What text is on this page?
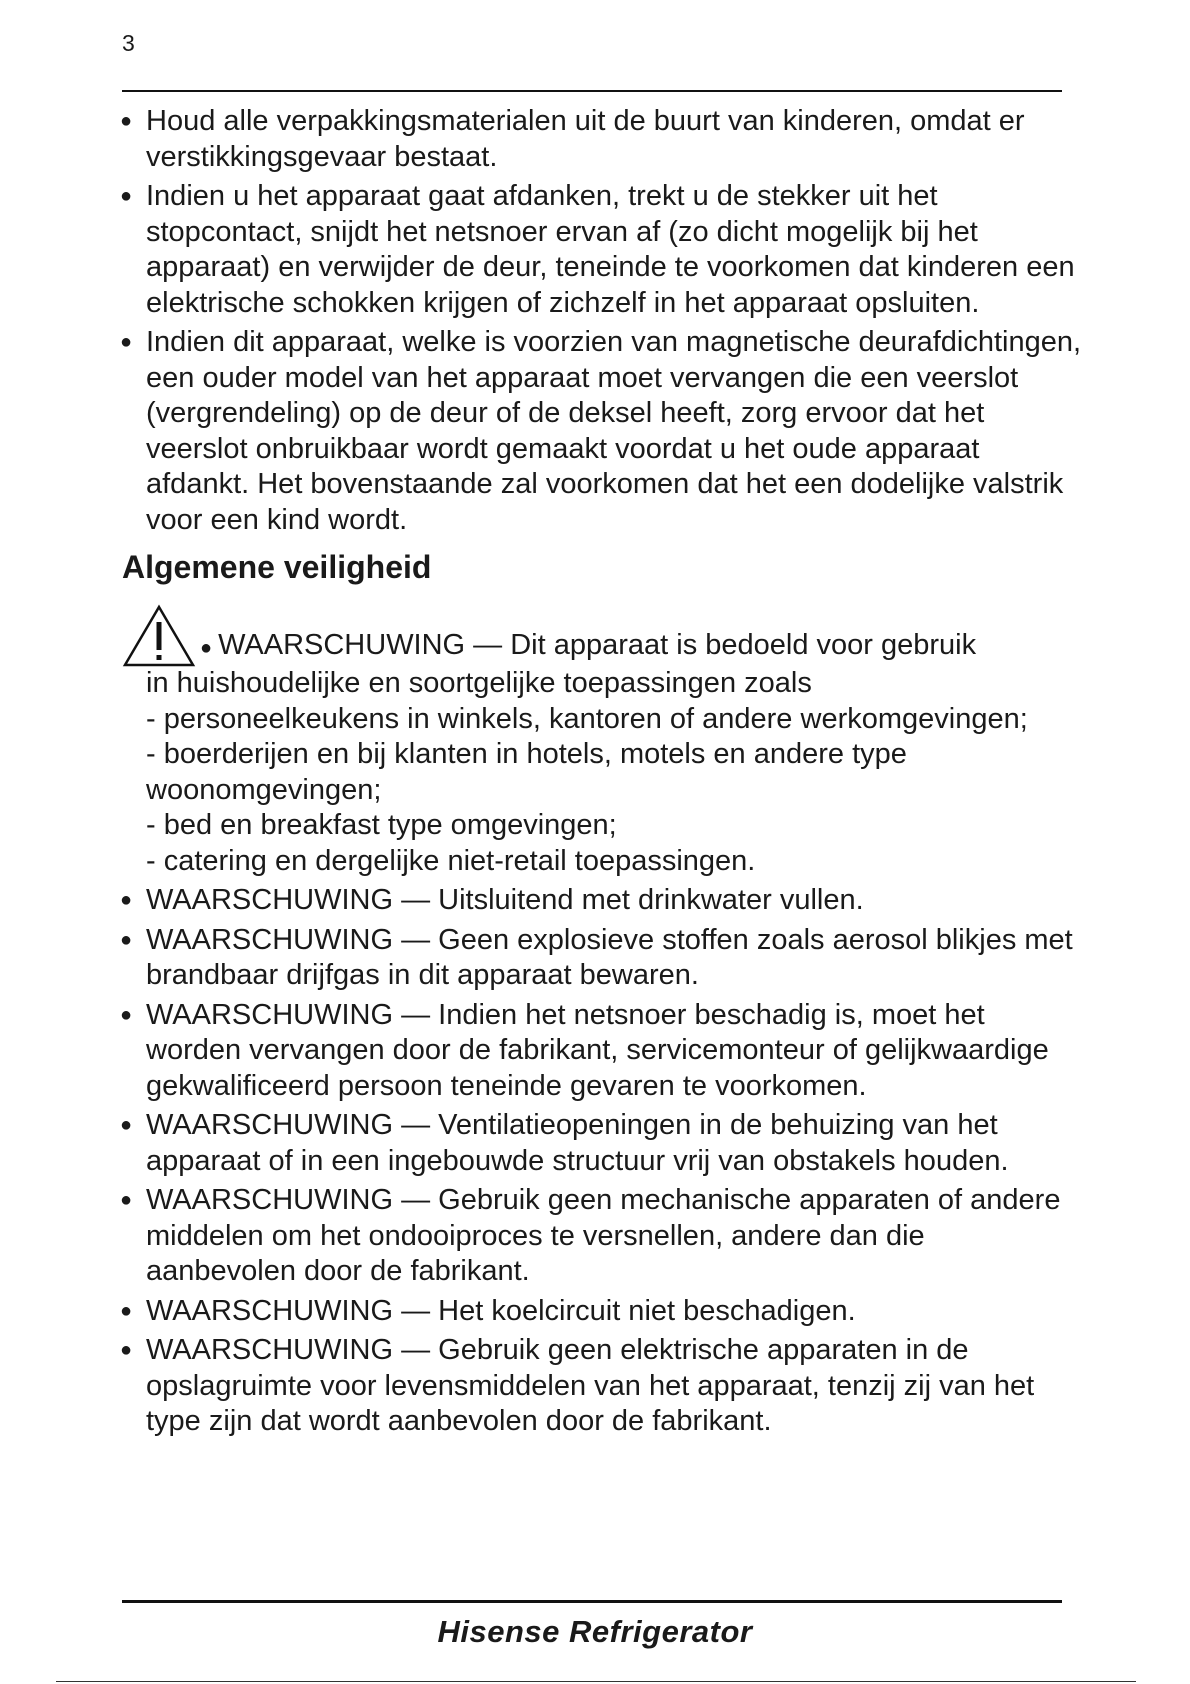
3
● Houd alle verpakkingsmaterialen uit de buurt van kinderen, omdat er verstikkingsgevaar bestaat.
● Indien u het apparaat gaat afdanken, trekt u de stekker uit het stopcontact, snijdt het netsnoer ervan af (zo dicht mogelijk bij het apparaat) en verwijder de deur, teneinde te voorkomen dat kinderen een elektrische schokken krijgen of zichzelf in het apparaat opsluiten.
● Indien dit apparaat, welke is voorzien van magnetische deurafdichtingen, een ouder model van het apparaat moet vervangen die een veerslot (vergrendeling) op de deur of de deksel heeft, zorg ervoor dat het veerslot onbruikbaar wordt gemaakt voordat u het oude apparaat afdankt. Het bovenstaande zal voorkomen dat het een dodelijke valstrik voor een kind wordt.
Algemene veiligheid
● WAARSCHUWING — Dit apparaat is bedoeld voor gebruik
in huishoudelijke en soortgelijke toepassingen zoals
- personeelkeukens in winkels, kantoren of andere werkomgevingen;
- boerderijen en bij klanten in hotels, motels en andere type woonomgevingen;
- bed en breakfast type omgevingen;
- catering en dergelijke niet-retail toepassingen.
● WAARSCHUWING — Uitsluitend met drinkwater vullen.
● WAARSCHUWING — Geen explosieve stoffen zoals aerosol blikjes met brandbaar drijfgas in dit apparaat bewaren.
● WAARSCHUWING — Indien het netsnoer beschadig is, moet het worden vervangen door de fabrikant, servicemonteur of gelijkwaardige gekwalificeerd persoon teneinde gevaren te voorkomen.
● WAARSCHUWING — Ventilatieopeningen in de behuizing van het apparaat of in een ingebouwde structuur vrij van obstakels houden.
● WAARSCHUWING — Gebruik geen mechanische apparaten of andere middelen om het ondooiproces te versnellen, andere dan die aanbevolen door de fabrikant.
● WAARSCHUWING — Het koelcircuit niet beschadigen.
● WAARSCHUWING — Gebruik geen elektrische apparaten in de opslagruimte voor levensmiddelen van het apparaat, tenzij zij van het type zijn dat wordt aanbevolen door de fabrikant.
Hisense Refrigerator
